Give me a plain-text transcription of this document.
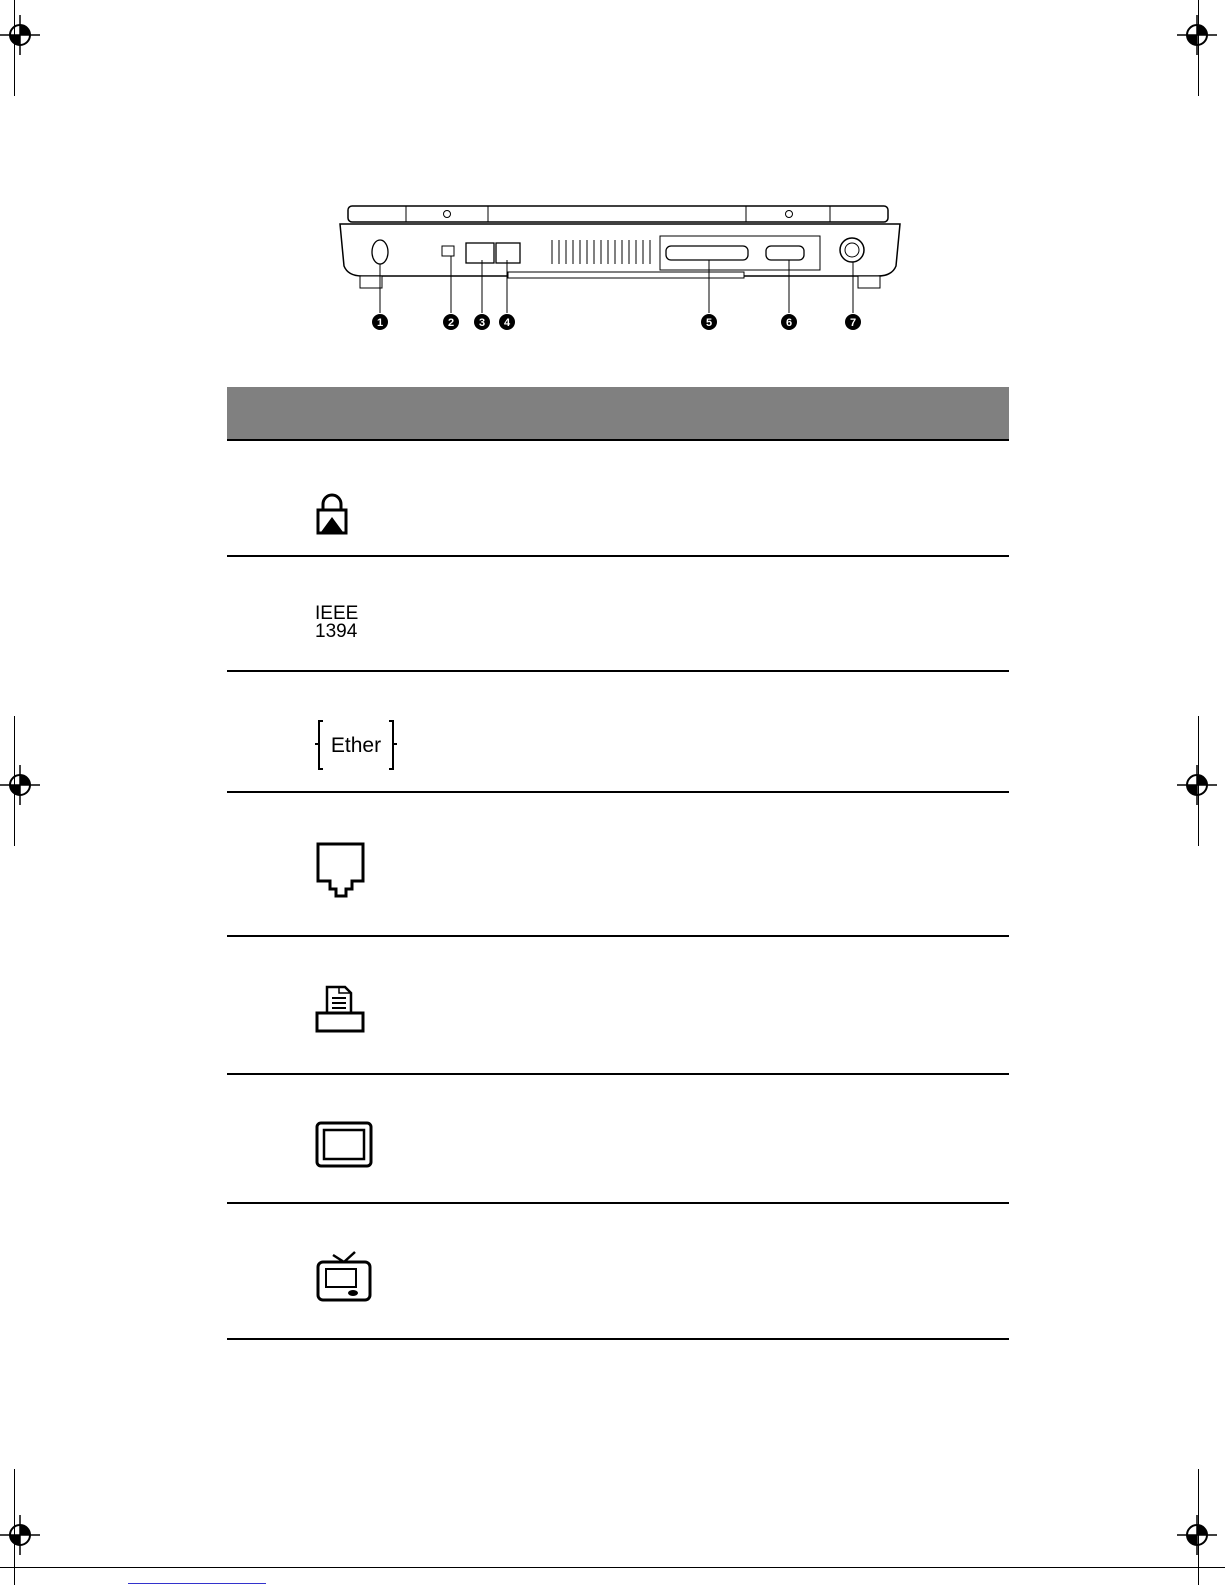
1	2 3 4	5	6	7
IEEE
1394
Ether
